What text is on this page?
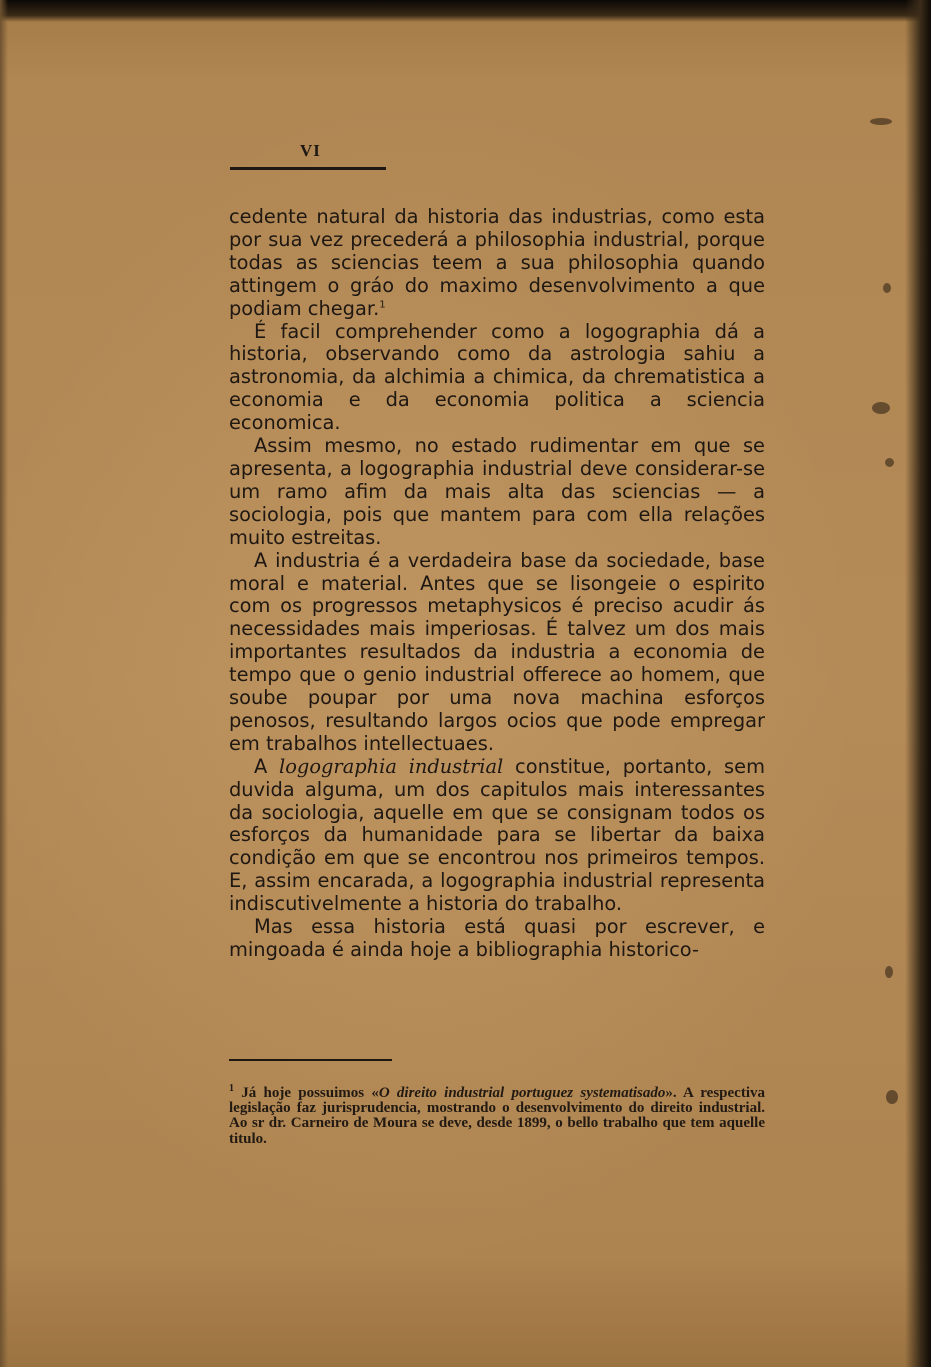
VI

cedente natural da historia das industrias, como esta por sua vez precederá a philosophia industrial, porque todas as sciencias teem a sua philosophia quando attingem o gráo do maximo desenvolvimento a que podiam chegar.$^1$

É facil comprehender como a logographia dá a historia, observando como da astrologia sahiu a astronomia, da alchimia a chimica, da chrematistica a economia e da economia politica a sciencia economica.

Assim mesmo, no estado rudimentar em que se apresenta, a logographia industrial deve considerar-se um ramo afim da mais alta das sciencias — a sociologia, pois que mantem para com ella relações muito estreitas.

A industria é a verdadeira base da sociedade, base moral e material. Antes que se lisongeie o espirito com os progressos metaphysicos é preciso acudir ás necessidades mais imperiosas. É talvez um dos mais importantes resultados da industria a economia de tempo que o genio industrial offerece ao homem, que soube poupar por uma nova machina esforços penosos, resultando largos ocios que pode empregar em trabalhos intellectuaes.

A logographia industrial constitue, portanto, sem duvida alguma, um dos capitulos mais interessantes da sociologia, aquelle em que se consignam todos os esforços da humanidade para se libertar da baixa condição em que se encontrou nos primeiros tempos. E, assim encarada, a logographia industrial representa indiscutivelmente a historia do trabalho.

Mas essa historia está quasi por escrever, e mingoada é ainda hoje a bibliographia historico-

$^1$ Já hoje possuimos «O direito industrial portuguez systematisado». A respectiva legislação faz jurisprudencia, mostrando o desenvolvimento do direito industrial. Ao sr dr. Carneiro de Moura se deve, desde 1899, o bello trabalho que tem aquelle titulo.
